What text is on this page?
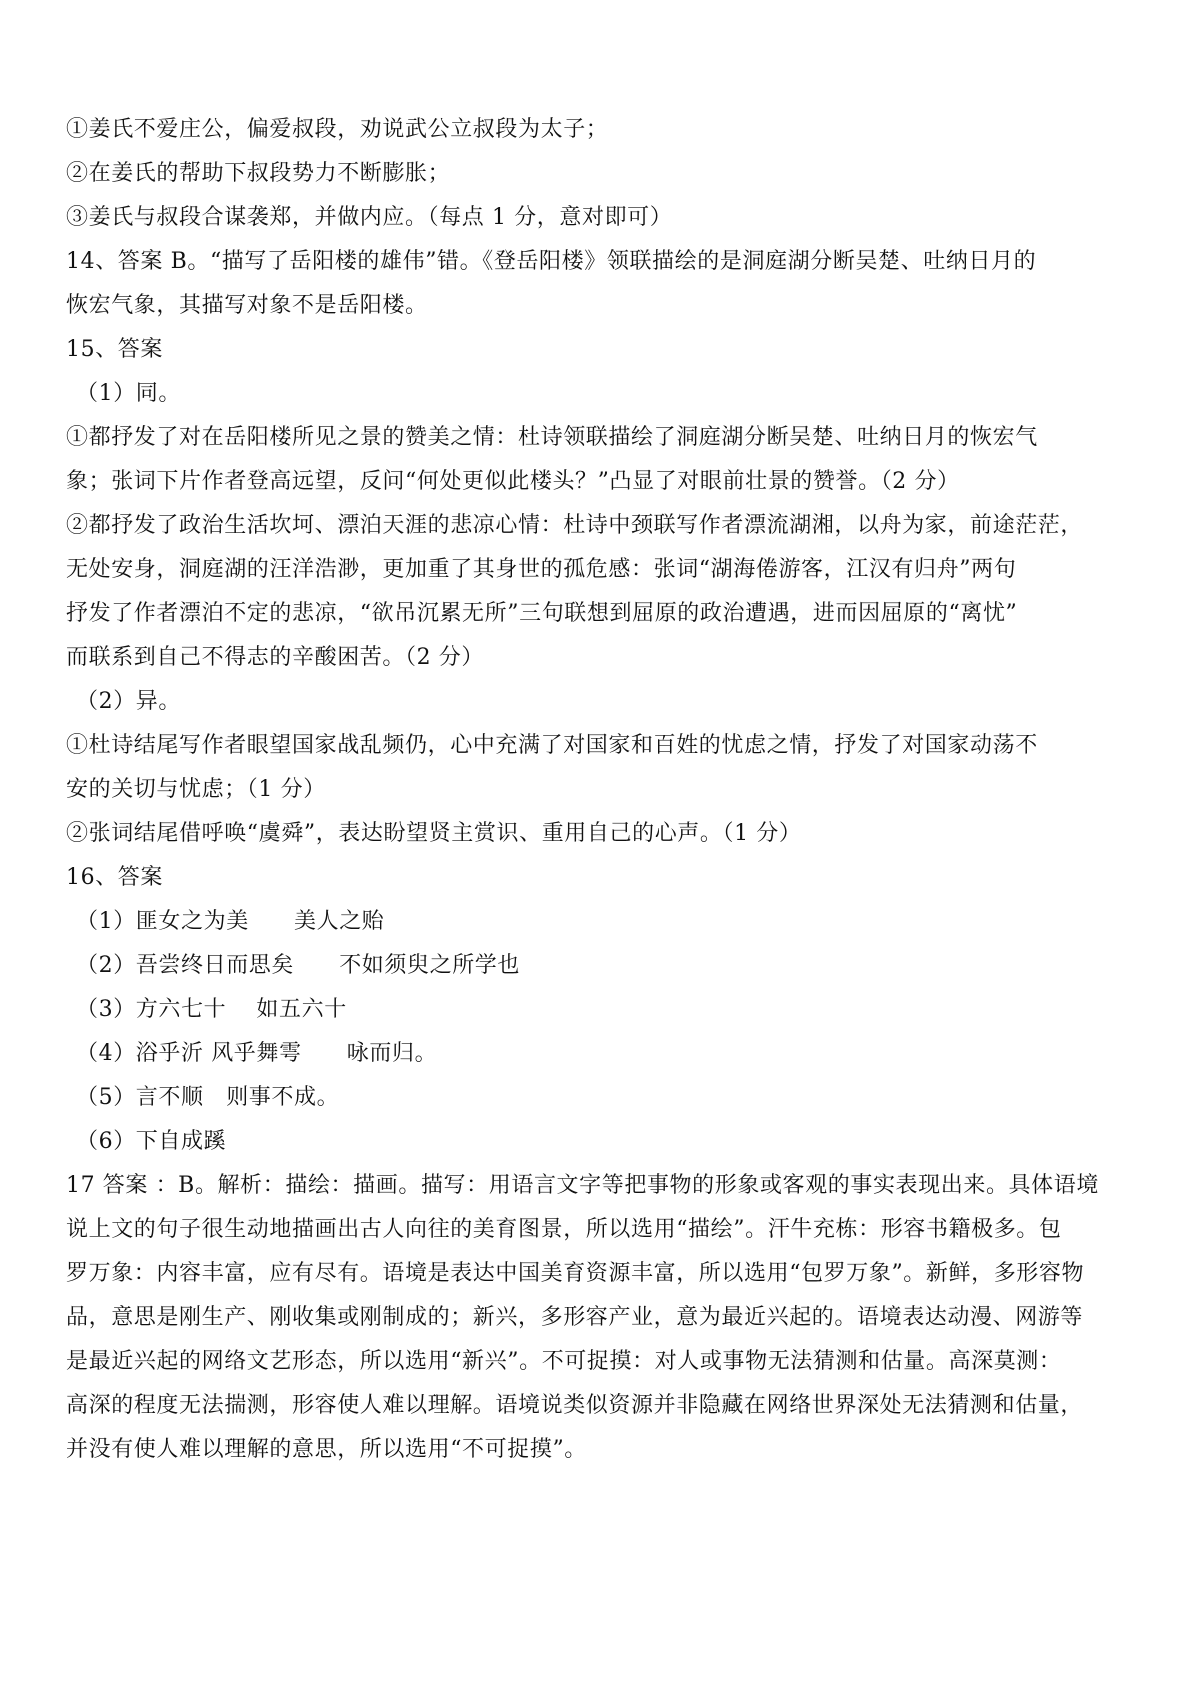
①姜氏不爱庄公，偏爱叔段，劝说武公立叔段为太子；
②在姜氏的帮助下叔段势力不断膨胀；
③姜氏与叔段合谋袭郑，并做内应。（每点 1 分，意对即可）
14、答案 B。“描写了岳阳楼的雄伟”错。《登岳阳楼》领联描绘的是洞庭湖分断吴楚、吐纳日月的
恢宏气象，其描写对象不是岳阳楼。
15、答案
（1）同。
①都抒发了对在岳阳楼所见之景的赞美之情：杜诗领联描绘了洞庭湖分断吴楚、吐纳日月的恢宏气
象；张词下片作者登高远望，反问“何处更似此楼头？”凸显了对眼前壮景的赞誉。（2 分）
②都抒发了政治生活坎坷、漂泊天涯的悲凉心情：杜诗中颈联写作者漂流湖湘，以舟为家，前途茫茫，
无处安身，洞庭湖的汪洋浩渺，更加重了其身世的孤危感：张词“湖海倦游客，江汉有归舟”两句
抒发了作者漂泊不定的悲凉，“欲吊沉累无所”三句联想到屈原的政治遭遇，进而因屈原的“离忧”
而联系到自己不得志的辛酸困苦。（2 分）
（2）异。
①杜诗结尾写作者眼望国家战乱频仍，心中充满了对国家和百姓的忧虑之情，抒发了对国家动荡不
安的关切与忧虑；（1 分）
②张词结尾借呼唤“虞舜”，表达盼望贤主赏识、重用自己的心声。（1 分）
16、答案
（1）匪女之为美　　美人之贻
（2）吾尝终日而思矣　　不如须臾之所学也
（3）方六七十　 如五六十
（4）浴乎沂 风乎舞雩　　咏而归。
（5）言不顺　则事不成。
（6）下自成蹊
17 答案 ：B。解析：描绘：描画。描写：用语言文字等把事物的形象或客观的事实表现出来。具体语境
说上文的句子很生动地描画出古人向往的美育图景，所以选用“描绘”。汗牛充栋：形容书籍极多。包
罗万象：内容丰富，应有尽有。语境是表达中国美育资源丰富，所以选用“包罗万象”。新鲜，多形容物
品，意思是刚生产、刚收集或刚制成的；新兴，多形容产业，意为最近兴起的。语境表达动漫、网游等
是最近兴起的网络文艺形态，所以选用“新兴”。不可捉摸：对人或事物无法猜测和估量。高深莫测：
高深的程度无法揣测，形容使人难以理解。语境说类似资源并非隐藏在网络世界深处无法猜测和估量，
并没有使人难以理解的意思，所以选用“不可捉摸”。
